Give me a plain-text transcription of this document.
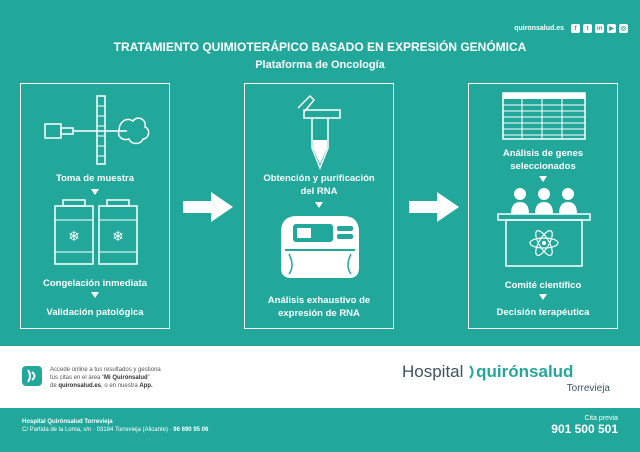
quironsalud.es	f	t	in	▶	◎
TRATAMIENTO QUIMIOTERÁPICO BASADO EN EXPRESIÓN GENÓMICA
Plataforma de Oncología
Toma de muestra
❄ ❄
Congelación inmediata
Validación patológica
Obtención y purificación
del RNA
Análisis exhaustivo de
expresión de RNA
Análisis de genes
seleccionados
Comité científico
Decisión terapéutica
Accede online a tus resultados y gestiona
tus citas en el área “Mi Quirónsalud”
de quironsalud.es, o en nuestra App.
Hospital quirónsalud
Torrevieja
Hospital Quirónsalud Torrevieja
C/ Partida de la Loma, s/n · 03184 Torrevieja (Alicante) · 96 690 95 06
Cita previa
901 500 501
